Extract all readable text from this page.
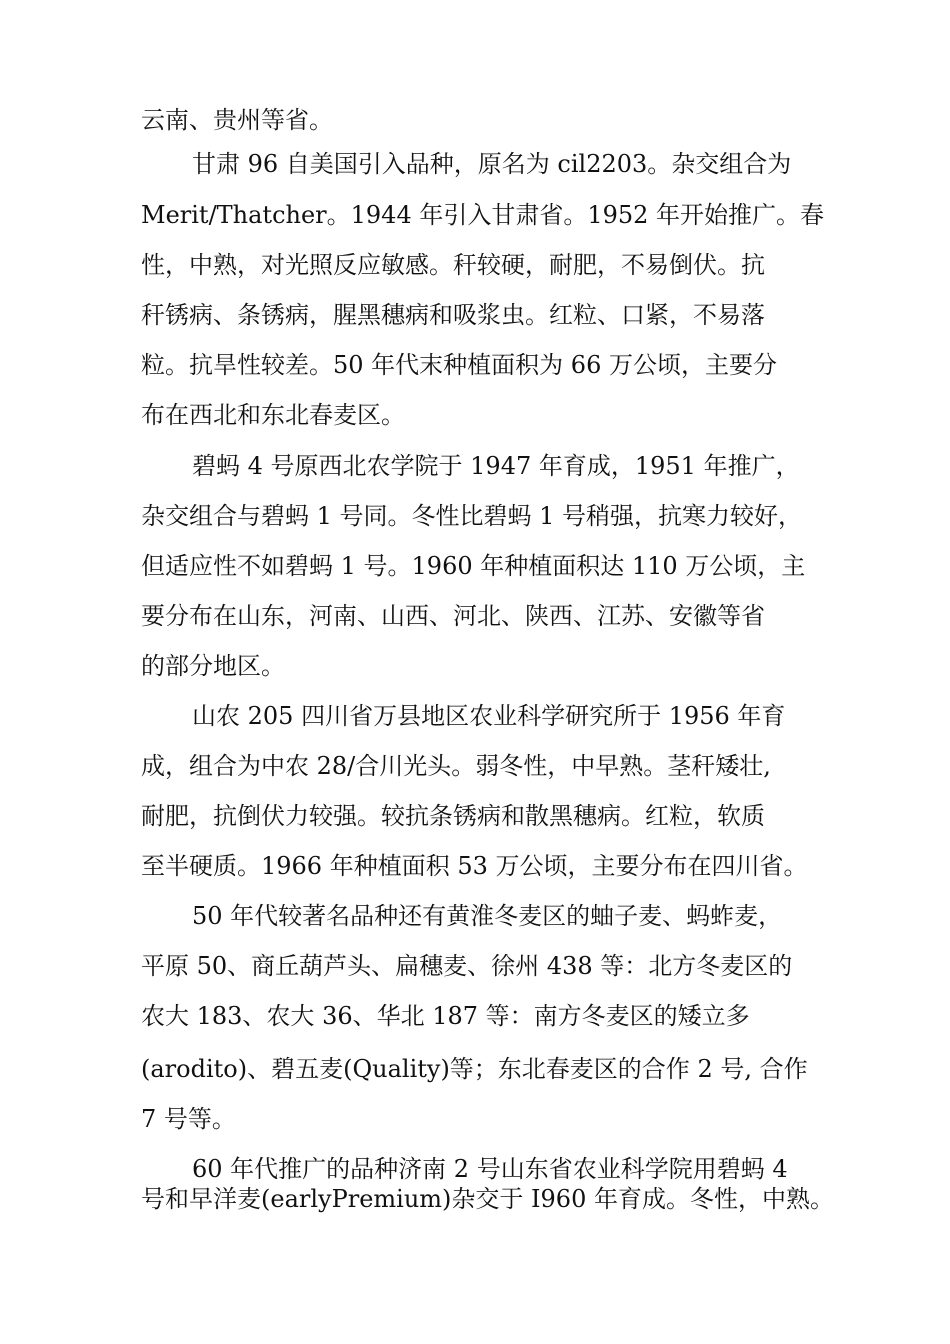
云南、贵州等省。

甘肃 96 自美国引入品种，原名为 cil2203。杂交组合为

Merit/Thatcher。1944 年引入甘肃省。1952 年开始推广。春

性，中熟，对光照反应敏感。秆较硬，耐肥，不易倒伏。抗

秆锈病、条锈病，腥黑穗病和吸浆虫。红粒、口紧，不易落

粒。抗旱性较差。50 年代末种植面积为 66 万公顷，主要分

布在西北和东北春麦区。

碧蚂 4 号原西北农学院于 1947 年育成，1951 年推广，

杂交组合与碧蚂 1 号同。冬性比碧蚂 1 号稍强，抗寒力较好，

但适应性不如碧蚂 1 号。1960 年种植面积达 110 万公顷，主

要分布在山东，河南、山西、河北、陕西、江苏、安徽等省

的部分地区。

山农 205 四川省万县地区农业科学研究所于 1956 年育

成，组合为中农 28/合川光头。弱冬性，中早熟。茎秆矮壮,

耐肥，抗倒伏力较强。较抗条锈病和散黑穗病。红粒，软质

至半硬质。1966 年种植面积 53 万公顷，主要分布在四川省。

50 年代较著名品种还有黄淮冬麦区的蚰子麦、蚂蚱麦，

平原 50、商丘葫芦头、扁穗麦、徐州 438 等：北方冬麦区的

农大 183、农大 36、华北 187 等：南方冬麦区的矮立多

(arodito)、碧五麦(Quality)等；东北春麦区的合作 2 号, 合作

7 号等。

60 年代推广的品种济南 2 号山东省农业科学院用碧蚂 4

号和早洋麦(earlyPremium)杂交于 I960 年育成。冬性，中熟。
